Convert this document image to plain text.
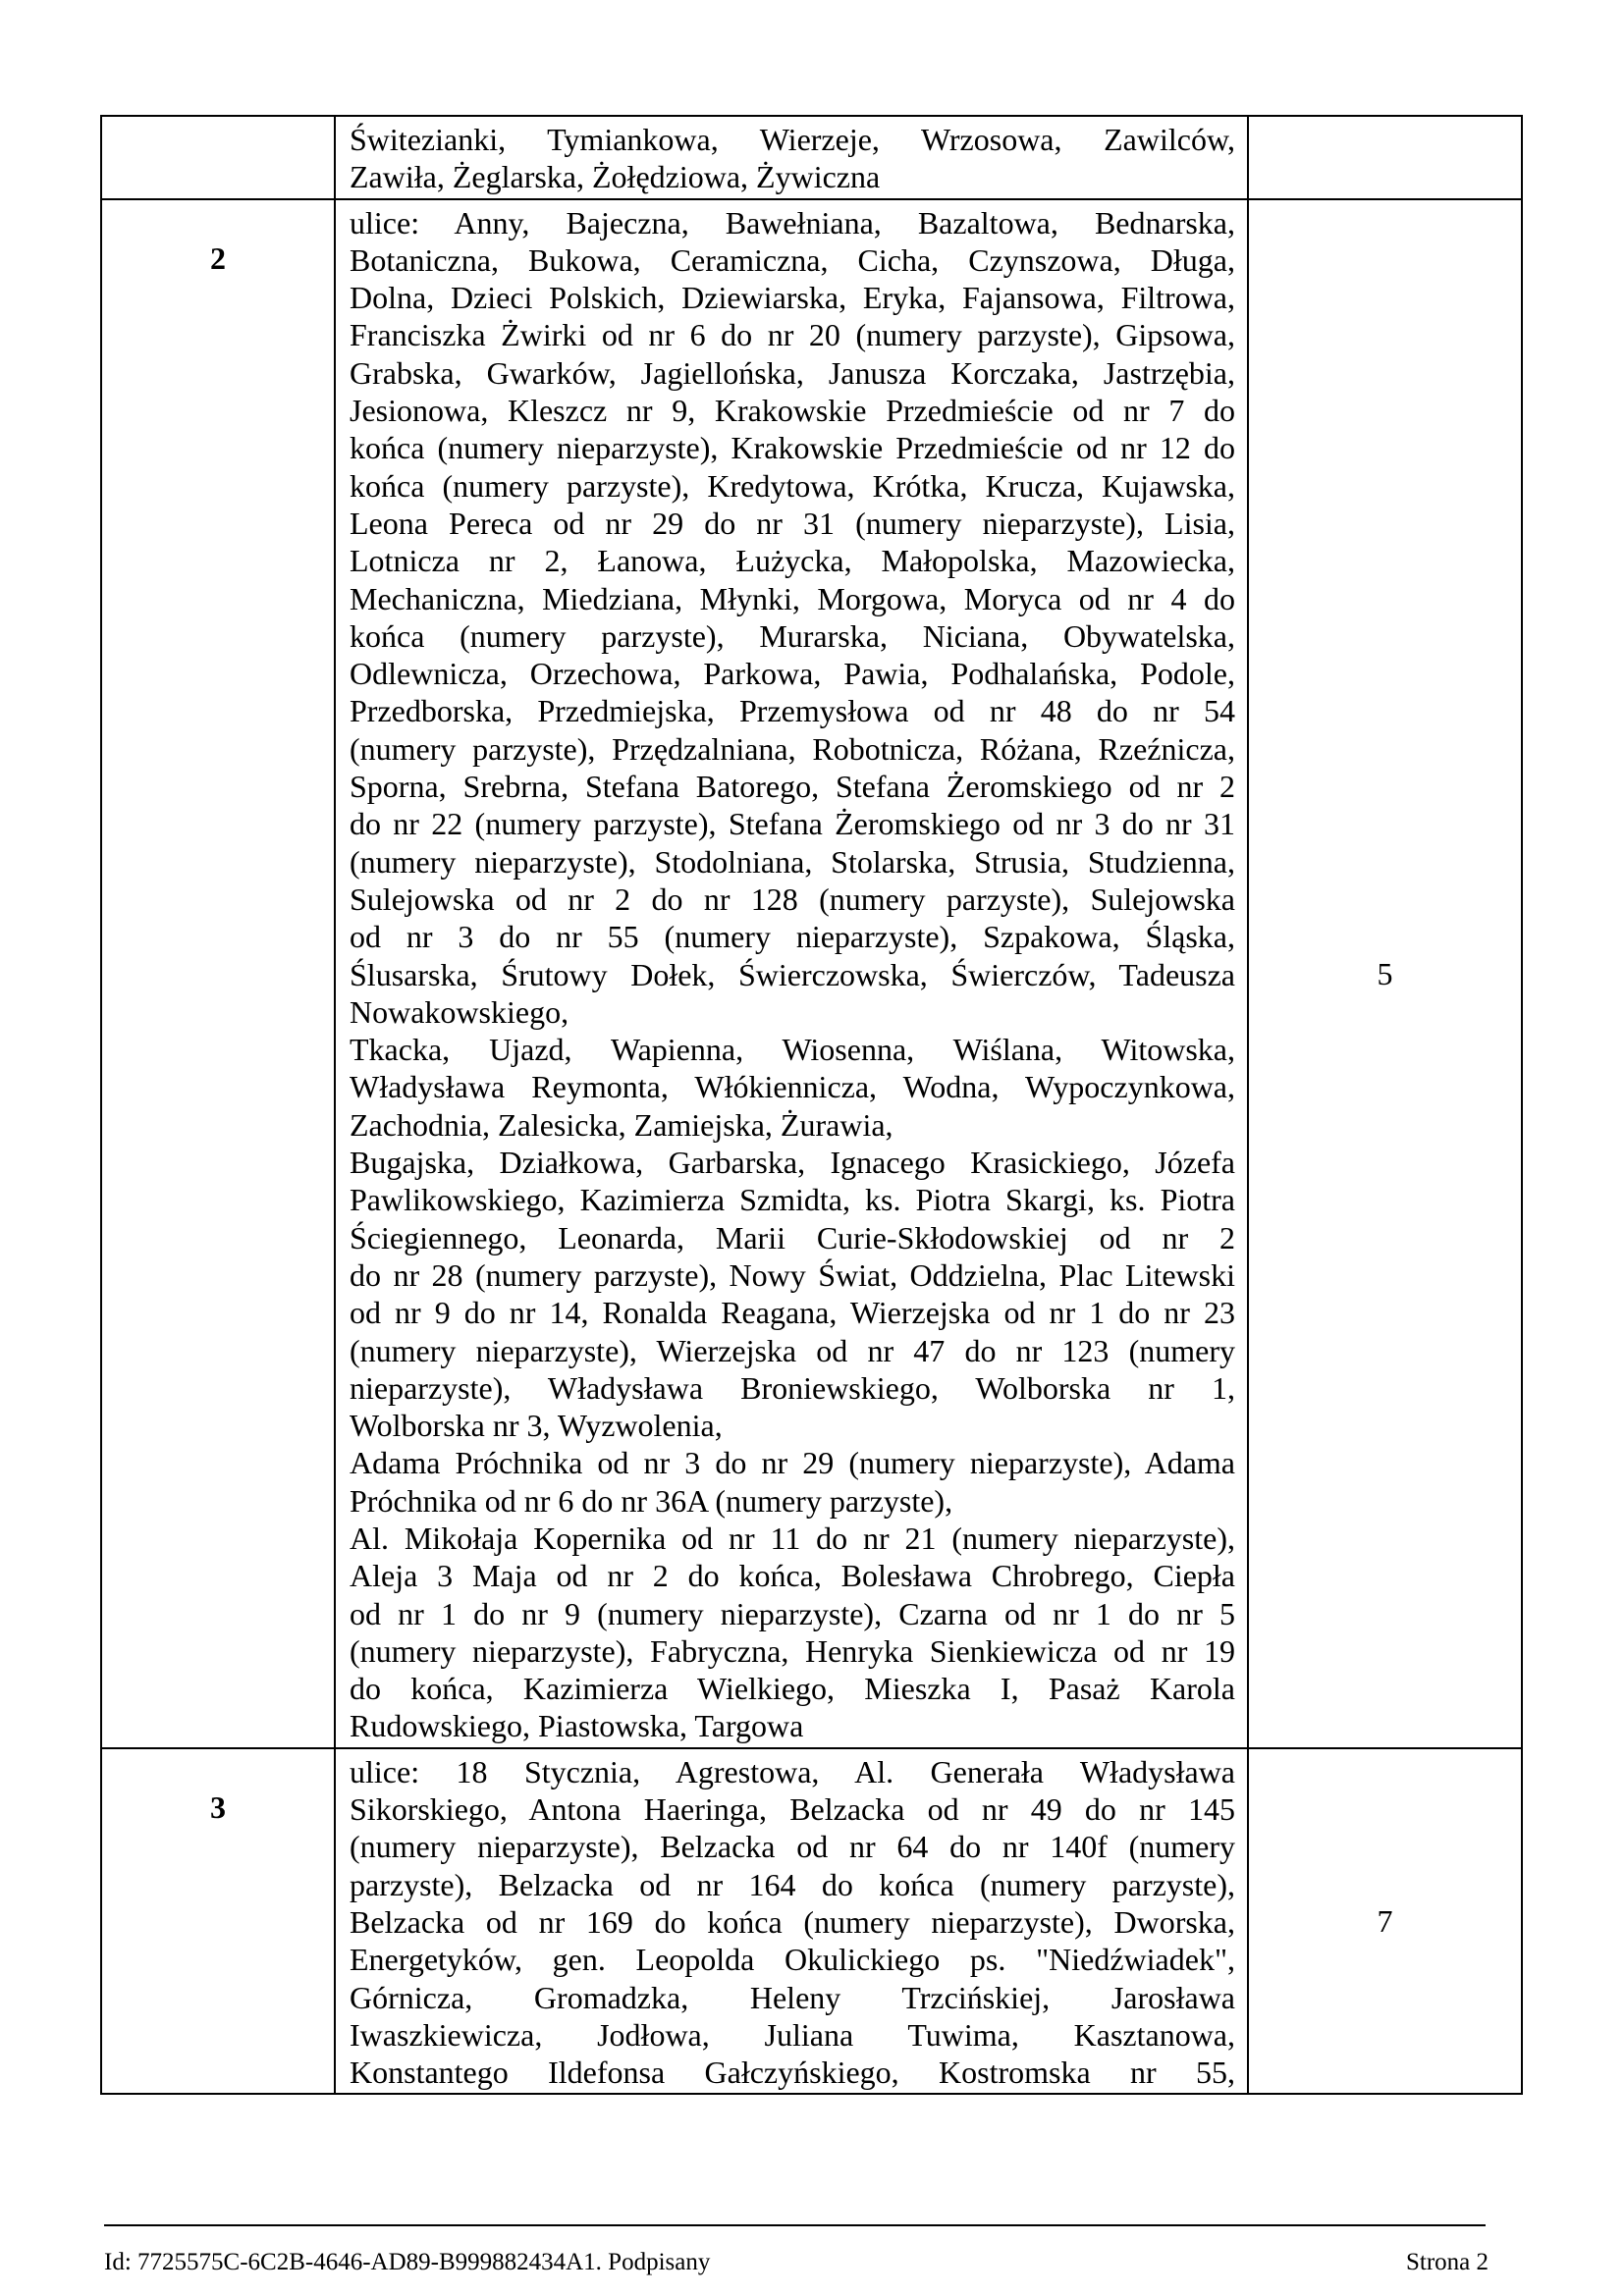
Świtezianki, Tymiankowa, Wierzeje, Wrzosowa, Zawilców,
Zawiła, Żeglarska, Żołędziowa, Żywiczna
2
ulice: Anny, Bajeczna, Bawełniana, Bazaltowa, Bednarska,
Botaniczna, Bukowa, Ceramiczna, Cicha, Czynszowa, Długa,
Dolna, Dzieci Polskich, Dziewiarska, Eryka, Fajansowa, Filtrowa,
Franciszka Żwirki od nr 6 do nr 20 (numery parzyste), Gipsowa,
Grabska, Gwarków, Jagiellońska, Janusza Korczaka, Jastrzębia,
Jesionowa, Kleszcz nr 9, Krakowskie Przedmieście od nr 7 do
końca (numery nieparzyste), Krakowskie Przedmieście od nr 12 do
końca (numery parzyste), Kredytowa, Krótka, Krucza, Kujawska,
Leona Pereca od nr 29 do nr 31 (numery nieparzyste), Lisia,
Lotnicza nr 2, Łanowa, Łużycka, Małopolska, Mazowiecka,
Mechaniczna, Miedziana, Młynki, Morgowa, Moryca od nr 4 do
końca (numery parzyste), Murarska, Niciana, Obywatelska,
Odlewnicza, Orzechowa, Parkowa, Pawia, Podhalańska, Podole,
Przedborska, Przedmiejska, Przemysłowa od nr 48 do nr 54
(numery parzyste), Przędzalniana, Robotnicza, Różana, Rzeźnicza,
Sporna, Srebrna, Stefana Batorego, Stefana Żeromskiego od nr 2
do nr 22 (numery parzyste), Stefana Żeromskiego od nr 3 do nr 31
(numery nieparzyste), Stodolniana, Stolarska, Strusia, Studzienna,
Sulejowska od nr 2 do nr 128 (numery parzyste), Sulejowska
od nr 3 do nr 55 (numery nieparzyste), Szpakowa, Śląska,
Ślusarska, Śrutowy Dołek, Świerczowska, Świerczów, Tadeusza
Nowakowskiego,
Tkacka, Ujazd, Wapienna, Wiosenna, Wiślana, Witowska,
Władysława Reymonta, Włókiennicza, Wodna, Wypoczynkowa,
Zachodnia, Zalesicka, Zamiejska, Żurawia,
Bugajska, Działkowa, Garbarska, Ignacego Krasickiego, Józefa
Pawlikowskiego, Kazimierza Szmidta, ks. Piotra Skargi, ks. Piotra
Ściegiennego, Leonarda, Marii Curie-Skłodowskiej od nr 2
do nr 28 (numery parzyste), Nowy Świat, Oddzielna, Plac Litewski
od nr 9 do nr 14, Ronalda Reagana, Wierzejska od nr 1 do nr 23
(numery nieparzyste), Wierzejska od nr 47 do nr 123 (numery
nieparzyste), Władysława Broniewskiego, Wolborska nr 1,
Wolborska nr 3, Wyzwolenia,
Adama Próchnika od nr 3 do nr 29 (numery nieparzyste), Adama
Próchnika od nr 6 do nr 36A (numery parzyste),
Al. Mikołaja Kopernika od nr 11 do nr 21 (numery nieparzyste),
Aleja 3 Maja od nr 2 do końca, Bolesława Chrobrego, Ciepła
od nr 1 do nr 9 (numery nieparzyste), Czarna od nr 1 do nr 5
(numery nieparzyste), Fabryczna, Henryka Sienkiewicza od nr 19
do końca, Kazimierza Wielkiego, Mieszka I, Pasaż Karola
Rudowskiego, Piastowska, Targowa
5
3
ulice: 18 Stycznia, Agrestowa, Al. Generała Władysława
Sikorskiego, Antona Haeringa, Belzacka od nr 49 do nr 145
(numery nieparzyste), Belzacka od nr 64 do nr 140f (numery
parzyste), Belzacka od nr 164 do końca (numery parzyste),
Belzacka od nr 169 do końca (numery nieparzyste), Dworska,
Energetyków, gen. Leopolda Okulickiego ps. "Niedźwiadek",
Górnicza, Gromadzka, Heleny Trzcińskiej, Jarosława
Iwaszkiewicza, Jodłowa, Juliana Tuwima, Kasztanowa,
Konstantego Ildefonsa Gałczyńskiego, Kostromska nr 55,
7
Id: 7725575C-6C2B-4646-AD89-B999882434A1. Podpisany	Strona 2
